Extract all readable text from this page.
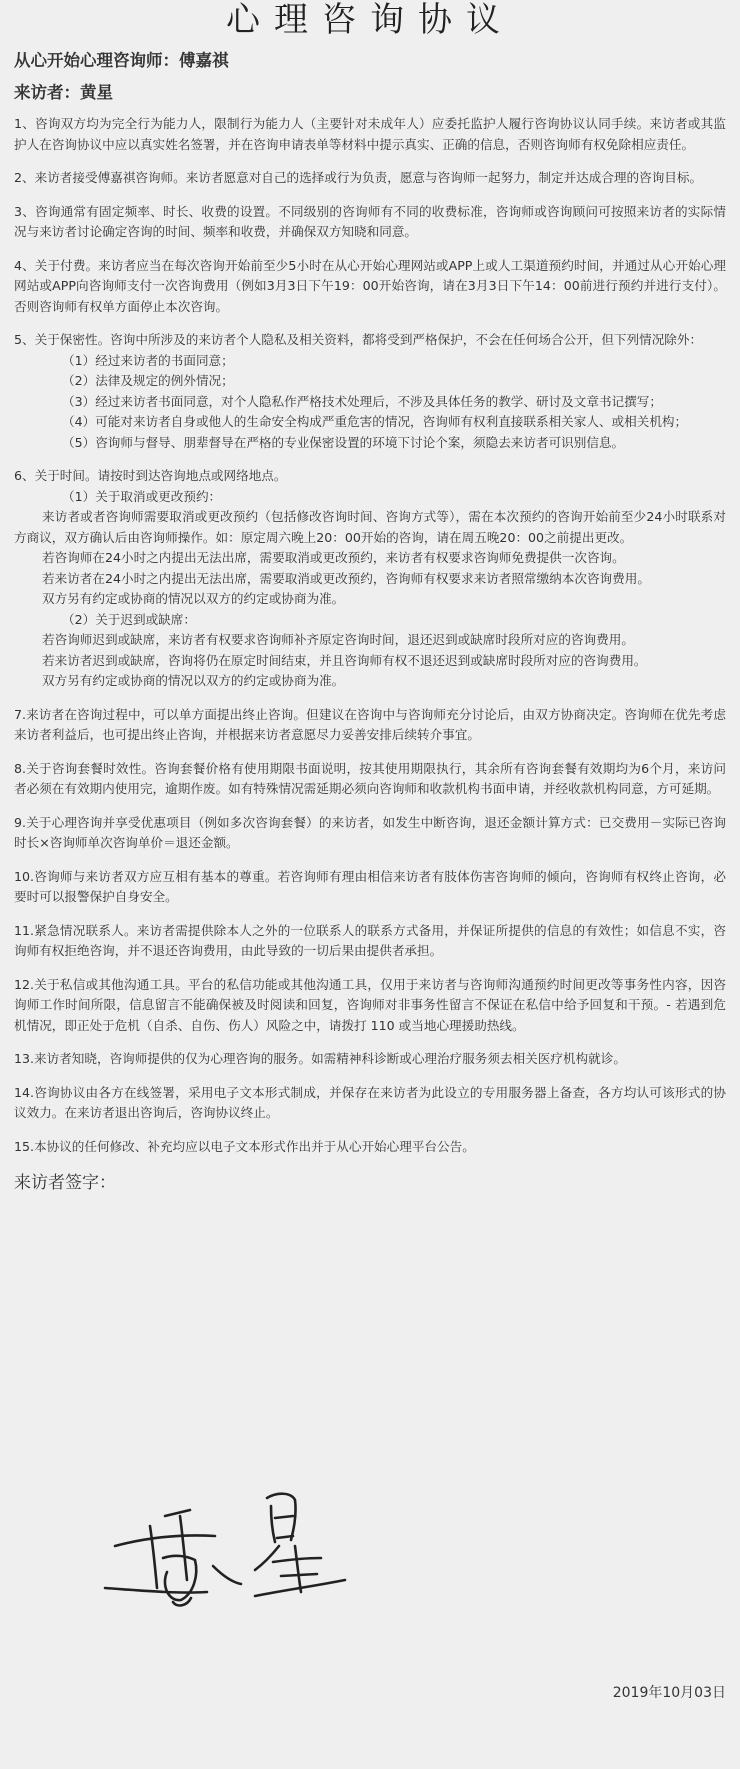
心理咨询协议
从心开始心理咨询师：傅嘉祺
来访者：黄星

1、咨询双方均为完全行为能力人，限制行为能力人（主要针对未成年人）应委托监护人履行咨询协议认同手续。来访者或其监护人在咨询协议中应以真实姓名签署，并在咨询申请表单等材料中提示真实、正确的信息，否则咨询师有权免除相应责任。

2、来访者接受傅嘉祺咨询师。来访者愿意对自己的选择或行为负责，愿意与咨询师一起努力，制定并达成合理的咨询目标。

3、咨询通常有固定频率、时长、收费的设置。不同级别的咨询师有不同的收费标准，咨询师或咨询顾问可按照来访者的实际情况与来访者讨论确定咨询的时间、频率和收费，并确保双方知晓和同意。

4、关于付费。来访者应当在每次咨询开始前至少5小时在从心开始心理网站或APP上或人工渠道预约时间，并通过从心开始心理网站或APP向咨询师支付一次咨询费用（例如3月3日下午19：00开始咨询，请在3月3日下午14：00前进行预约并进行支付）。否则咨询师有权单方面停止本次咨询。

5、关于保密性。咨询中所涉及的来访者个人隐私及相关资料，都将受到严格保护，不会在任何场合公开，但下列情况除外：

（1）经过来访者的书面同意；

（2）法律及规定的例外情况；

（3）经过来访者书面同意，对个人隐私作严格技术处理后，不涉及具体任务的教学、研讨及文章书记撰写；

（4）可能对来访者自身或他人的生命安全构成严重危害的情况，咨询师有权利直接联系相关家人、或相关机构；

（5）咨询师与督导、朋辈督导在严格的专业保密设置的环境下讨论个案，须隐去来访者可识别信息。

6、关于时间。请按时到达咨询地点或网络地点。

（1）关于取消或更改预约：

来访者或者咨询师需要取消或更改预约（包括修改咨询时间、咨询方式等），需在本次预约的咨询开始前至少24小时联系对方商议，双方确认后由咨询师操作。如：原定周六晚上20：00开始的咨询，请在周五晚20：00之前提出更改。

若咨询师在24小时之内提出无法出席，需要取消或更改预约，来访者有权要求咨询师免费提供一次咨询。

若来访者在24小时之内提出无法出席，需要取消或更改预约，咨询师有权要求来访者照常缴纳本次咨询费用。

双方另有约定或协商的情况以双方的约定或协商为准。

（2）关于迟到或缺席：

若咨询师迟到或缺席，来访者有权要求咨询师补齐原定咨询时间，退还迟到或缺席时段所对应的咨询费用。

若来访者迟到或缺席，咨询将仍在原定时间结束，并且咨询师有权不退还迟到或缺席时段所对应的咨询费用。

双方另有约定或协商的情况以双方的约定或协商为准。

7.来访者在咨询过程中，可以单方面提出终止咨询。但建议在咨询中与咨询师充分讨论后，由双方协商决定。咨询师在优先考虑来访者利益后，也可提出终止咨询，并根据来访者意愿尽力妥善安排后续转介事宜。

8.关于咨询套餐时效性。咨询套餐价格有使用期限书面说明，按其使用期限执行，其余所有咨询套餐有效期均为6个月，来访问者必须在有效期内使用完，逾期作废。如有特殊情况需延期必须向咨询师和收款机构书面申请，并经收款机构同意，方可延期。

9.关于心理咨询并享受优惠项目（例如多次咨询套餐）的来访者，如发生中断咨询，退还金额计算方式：已交费用－实际已咨询时长×咨询师单次咨询单价＝退还金额。

10.咨询师与来访者双方应互相有基本的尊重。若咨询师有理由相信来访者有肢体伤害咨询师的倾向，咨询师有权终止咨询，必要时可以报警保护自身安全。

11.紧急情况联系人。来访者需提供除本人之外的一位联系人的联系方式备用，并保证所提供的信息的有效性；如信息不实，咨询师有权拒绝咨询，并不退还咨询费用，由此导致的一切后果由提供者承担。

12.关于私信或其他沟通工具。平台的私信功能或其他沟通工具，仅用于来访者与咨询师沟通预约时间更改等事务性内容，因咨询师工作时间所限，信息留言不能确保被及时阅读和回复，咨询师对非事务性留言不保证在私信中给予回复和干预。- 若遇到危机情况，即正处于危机（自杀、自伤、伤人）风险之中，请拨打 110 或当地心理援助热线。

13.来访者知晓，咨询师提供的仅为心理咨询的服务。如需精神科诊断或心理治疗服务须去相关医疗机构就诊。

14.咨询协议由各方在线签署，采用电子文本形式制成，并保存在来访者为此设立的专用服务器上备查，各方均认可该形式的协议效力。在来访者退出咨询后，咨询协议终止。

15.本协议的任何修改、补充均应以电子文本形式作出并于从心开始心理平台公告。

来访者签字：
2019年10月03日
